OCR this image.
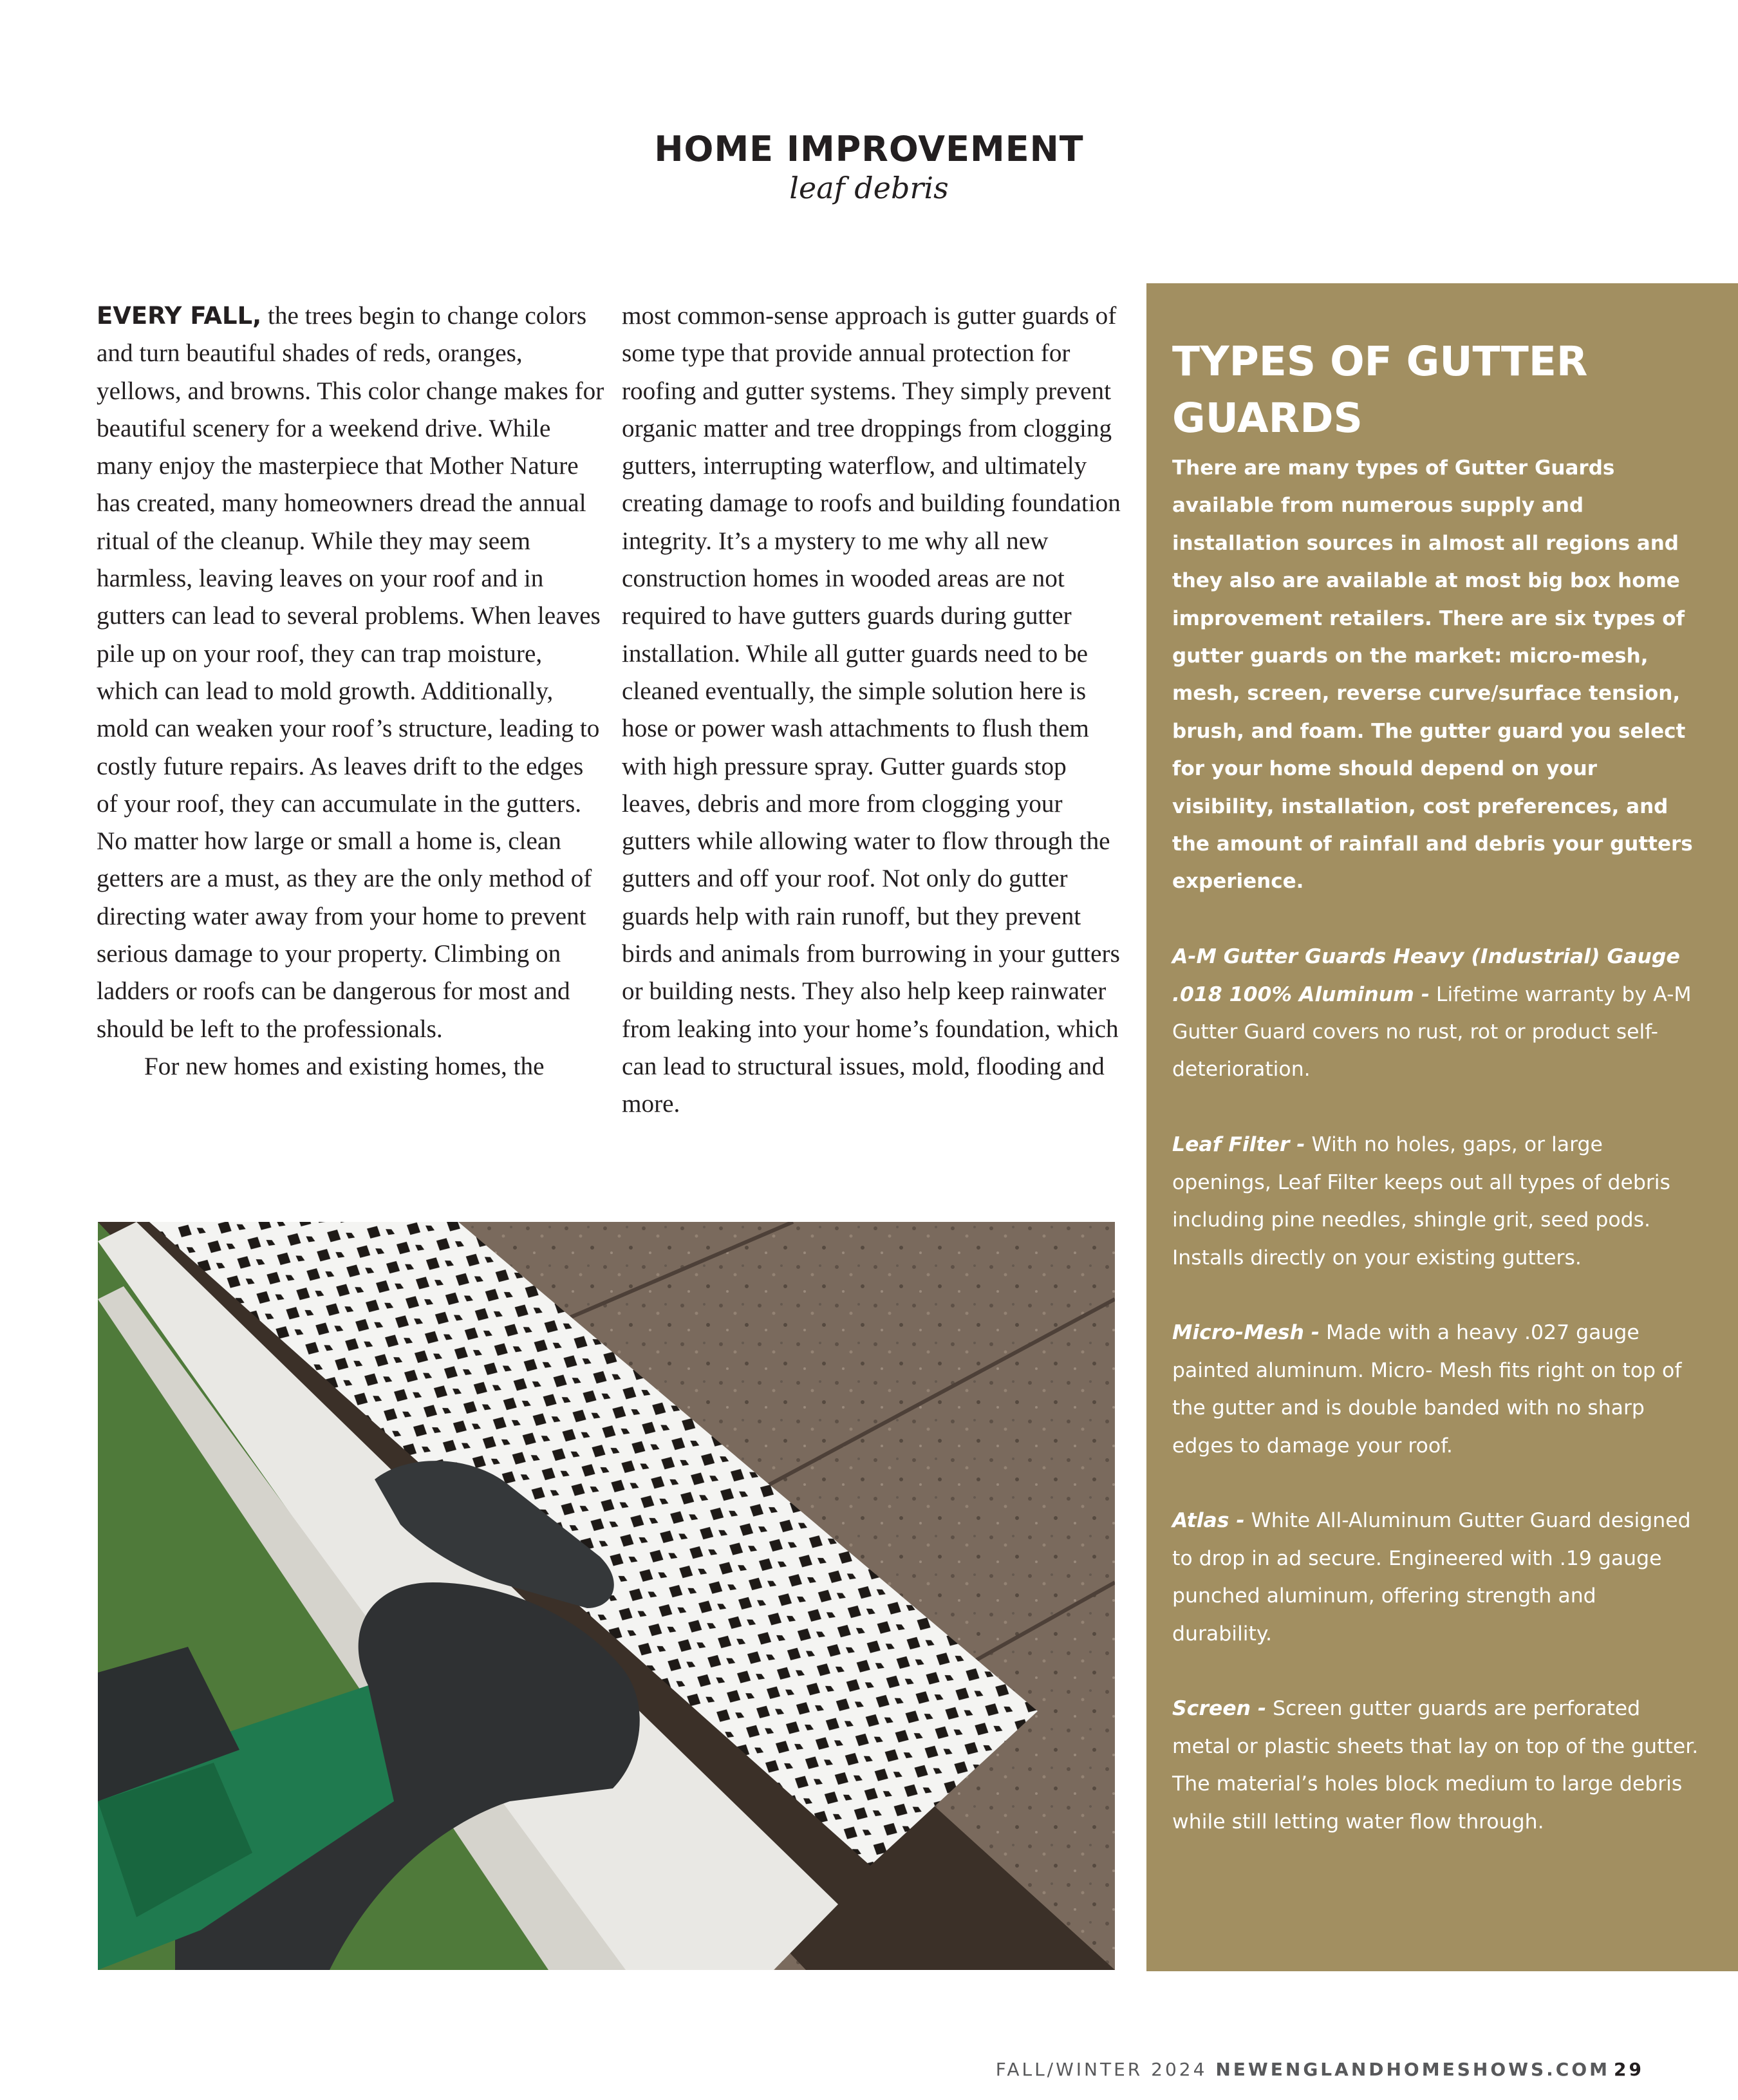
HOME IMPROVEMENT
leaf debris

EVERY FALL, the trees begin to change colors and turn beautiful shades of reds, oranges, yellows, and browns. This color change makes for beautiful scenery for a weekend drive. While many enjoy the masterpiece that Mother Nature has created, many homeowners dread the annual ritual of the cleanup. While they may seem harmless, leaving leaves on your roof and in gutters can lead to several problems. When leaves pile up on your roof, they can trap moisture, which can lead to mold growth. Additionally, mold can weaken your roof’s structure, leading to costly future repairs. As leaves drift to the edges of your roof, they can accumulate in the gutters. No matter how large or small a home is, clean getters are a must, as they are the only method of directing water away from your home to prevent serious damage to your property. Climbing on ladders or roofs can be dangerous for most and should be left to the professionals.

For new homes and existing homes, the

most common-sense approach is gutter guards of some type that provide annual protection for roofing and gutter systems. They simply prevent organic matter and tree droppings from clogging gutters, interrupting waterflow, and ultimately creating damage to roofs and building foundation integrity. It’s a mystery to me why all new construction homes in wooded areas are not required to have gutters guards during gutter installation. While all gutter guards need to be cleaned eventually, the simple solution here is hose or power wash attachments to flush them with high pressure spray. Gutter guards stop leaves, debris and more from clogging your gutters while allowing water to flow through the gutters and off your roof. Not only do gutter guards help with rain runoff, but they prevent birds and animals from burrowing in your gutters or building nests. They also help keep rainwater from leaking into your home’s foundation, which can lead to structural issues, mold, flooding and more.

TYPES OF GUTTER GUARDS

There are many types of Gutter Guards available from numerous supply and installation sources in almost all regions and they also are available at most big box home improvement retailers. There are six types of gutter guards on the market: micro-mesh, mesh, screen, reverse curve/surface tension, brush, and foam. The gutter guard you select for your home should depend on your visibility, installation, cost preferences, and the amount of rainfall and debris your gutters experience.

A-M Gutter Guards Heavy (Industrial) Gauge .018 100% Aluminum - Lifetime warranty by A-M Gutter Guard covers no rust, rot or product self-deterioration.

Leaf Filter - With no holes, gaps, or large openings, Leaf Filter keeps out all types of debris including pine needles, shingle grit, seed pods. Installs directly on your existing gutters.

Micro-Mesh - Made with a heavy .027 gauge painted aluminum. Micro- Mesh fits right on top of the gutter and is double banded with no sharp edges to damage your roof.

Atlas - White All-Aluminum Gutter Guard designed to drop in ad secure. Engineered with .19 gauge punched aluminum, offering strength and durability.

Screen - Screen gutter guards are perforated metal or plastic sheets that lay on top of the gutter. The material’s holes block medium to large debris while still letting water flow through.

FALL/WINTER 2024 NEWENGLANDHOMESHOWS.COM 29
